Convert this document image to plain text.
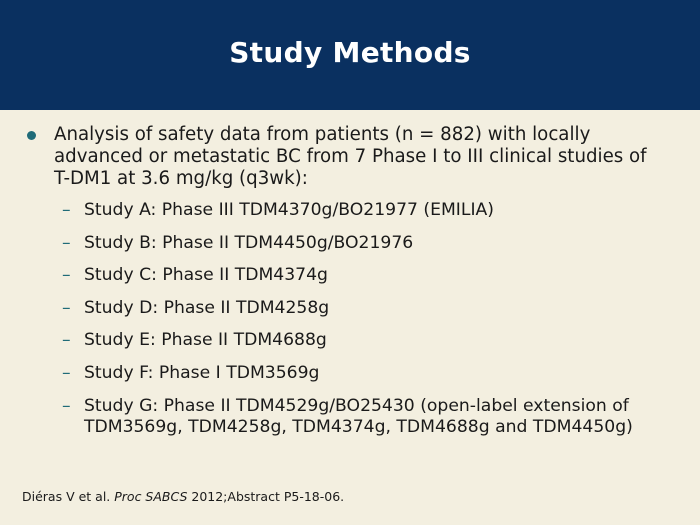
Study Methods
Analysis of safety data from patients (n = 882) with locally advanced or metastatic BC from 7 Phase I to III clinical studies of T-DM1 at 3.6 mg/kg (q3wk):
– Study A: Phase III TDM4370g/BO21977 (EMILIA)
– Study B: Phase II TDM4450g/BO21976
– Study C: Phase II TDM4374g
– Study D: Phase II TDM4258g
– Study E: Phase II TDM4688g
– Study F: Phase I TDM3569g
– Study G: Phase II TDM4529g/BO25430 (open-label extension of TDM3569g, TDM4258g, TDM4374g, TDM4688g and TDM4450g)
Diéras V et al. Proc SABCS 2012;Abstract P5-18-06.
